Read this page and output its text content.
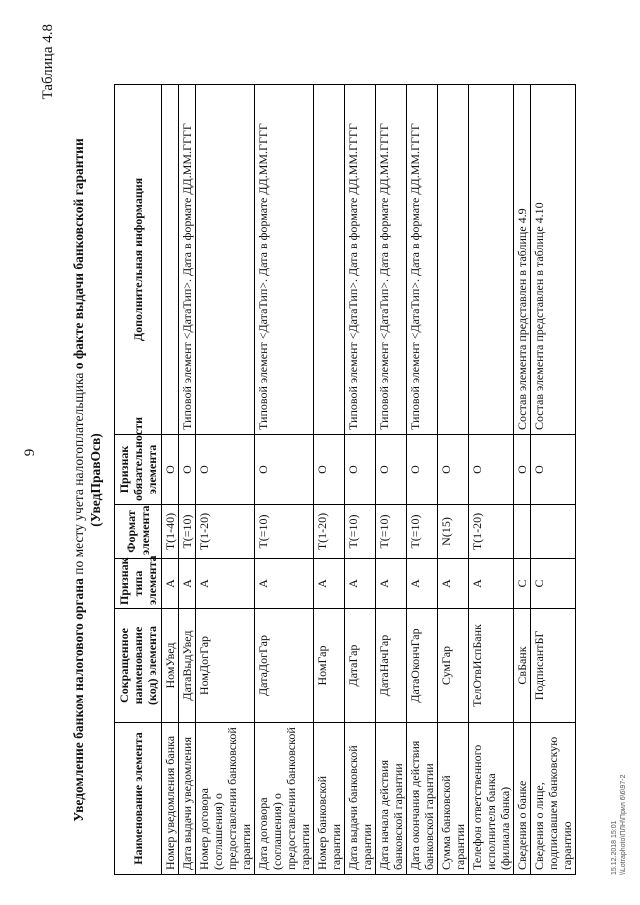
9
Таблица 4.8
Уведомление банком налогового органа по месту учета налогоплательщика о факте выдачи банковской гарантии
(УведПравОсв)
Наименование элемента	Сокращенное наименование (код) элемента	Признак типа элемента	Формат элемента	Признак обязательности элемента	Дополнительная информация
Номер уведомления банка	НомУвед	А	T(1-40)	О	
Дата выдачи уведомления	ДатаВыдУвед	А	T(=10)	О	Типовой элемент <ДатаТип>. Дата в формате ДД.ММ.ГГГГ
Номер договора (соглашения) о предоставлении банковской гарантии	НомДогГар	А	T(1-20)	О	
Дата договора (соглашения) о предоставлении банковской гарантии	ДатаДогГар	А	T(=10)	О	Типовой элемент <ДатаТип>. Дата в формате ДД.ММ.ГГГГ
Номер банковской гарантии	НомГар	А	T(1-20)	О	
Дата выдачи банковской гарантии	ДатаГар	А	T(=10)	О	Типовой элемент <ДатаТип>. Дата в формате ДД.ММ.ГГГГ
Дата начала действия банковской гарантии	ДатаНачГар	А	T(=10)	О	Типовой элемент <ДатаТип>. Дата в формате ДД.ММ.ГГГГ
Дата окончания действия банковской гарантии	ДатаОкончГар	А	T(=10)	О	Типовой элемент <ДатаТип>. Дата в формате ДД.ММ.ГГГГ
Сумма банковской гарантии	СумГар	А	N(15)	О	
Телефон ответственного исполнителя банка (филиала банка)	ТелОтвИспБанк	А	T(1-20)	О	
Сведения о банке	СвБанк	С		О	Состав элемента представлен в таблице 4.9
Сведения о лице, подписавшем банковскую гарантию	ПодписантБГ	С		О	Состав элемента представлен в таблице 4.10
15.12.2018 15:01 \\Lotraphoto\ПЛН\Прил 6\6\97-2
